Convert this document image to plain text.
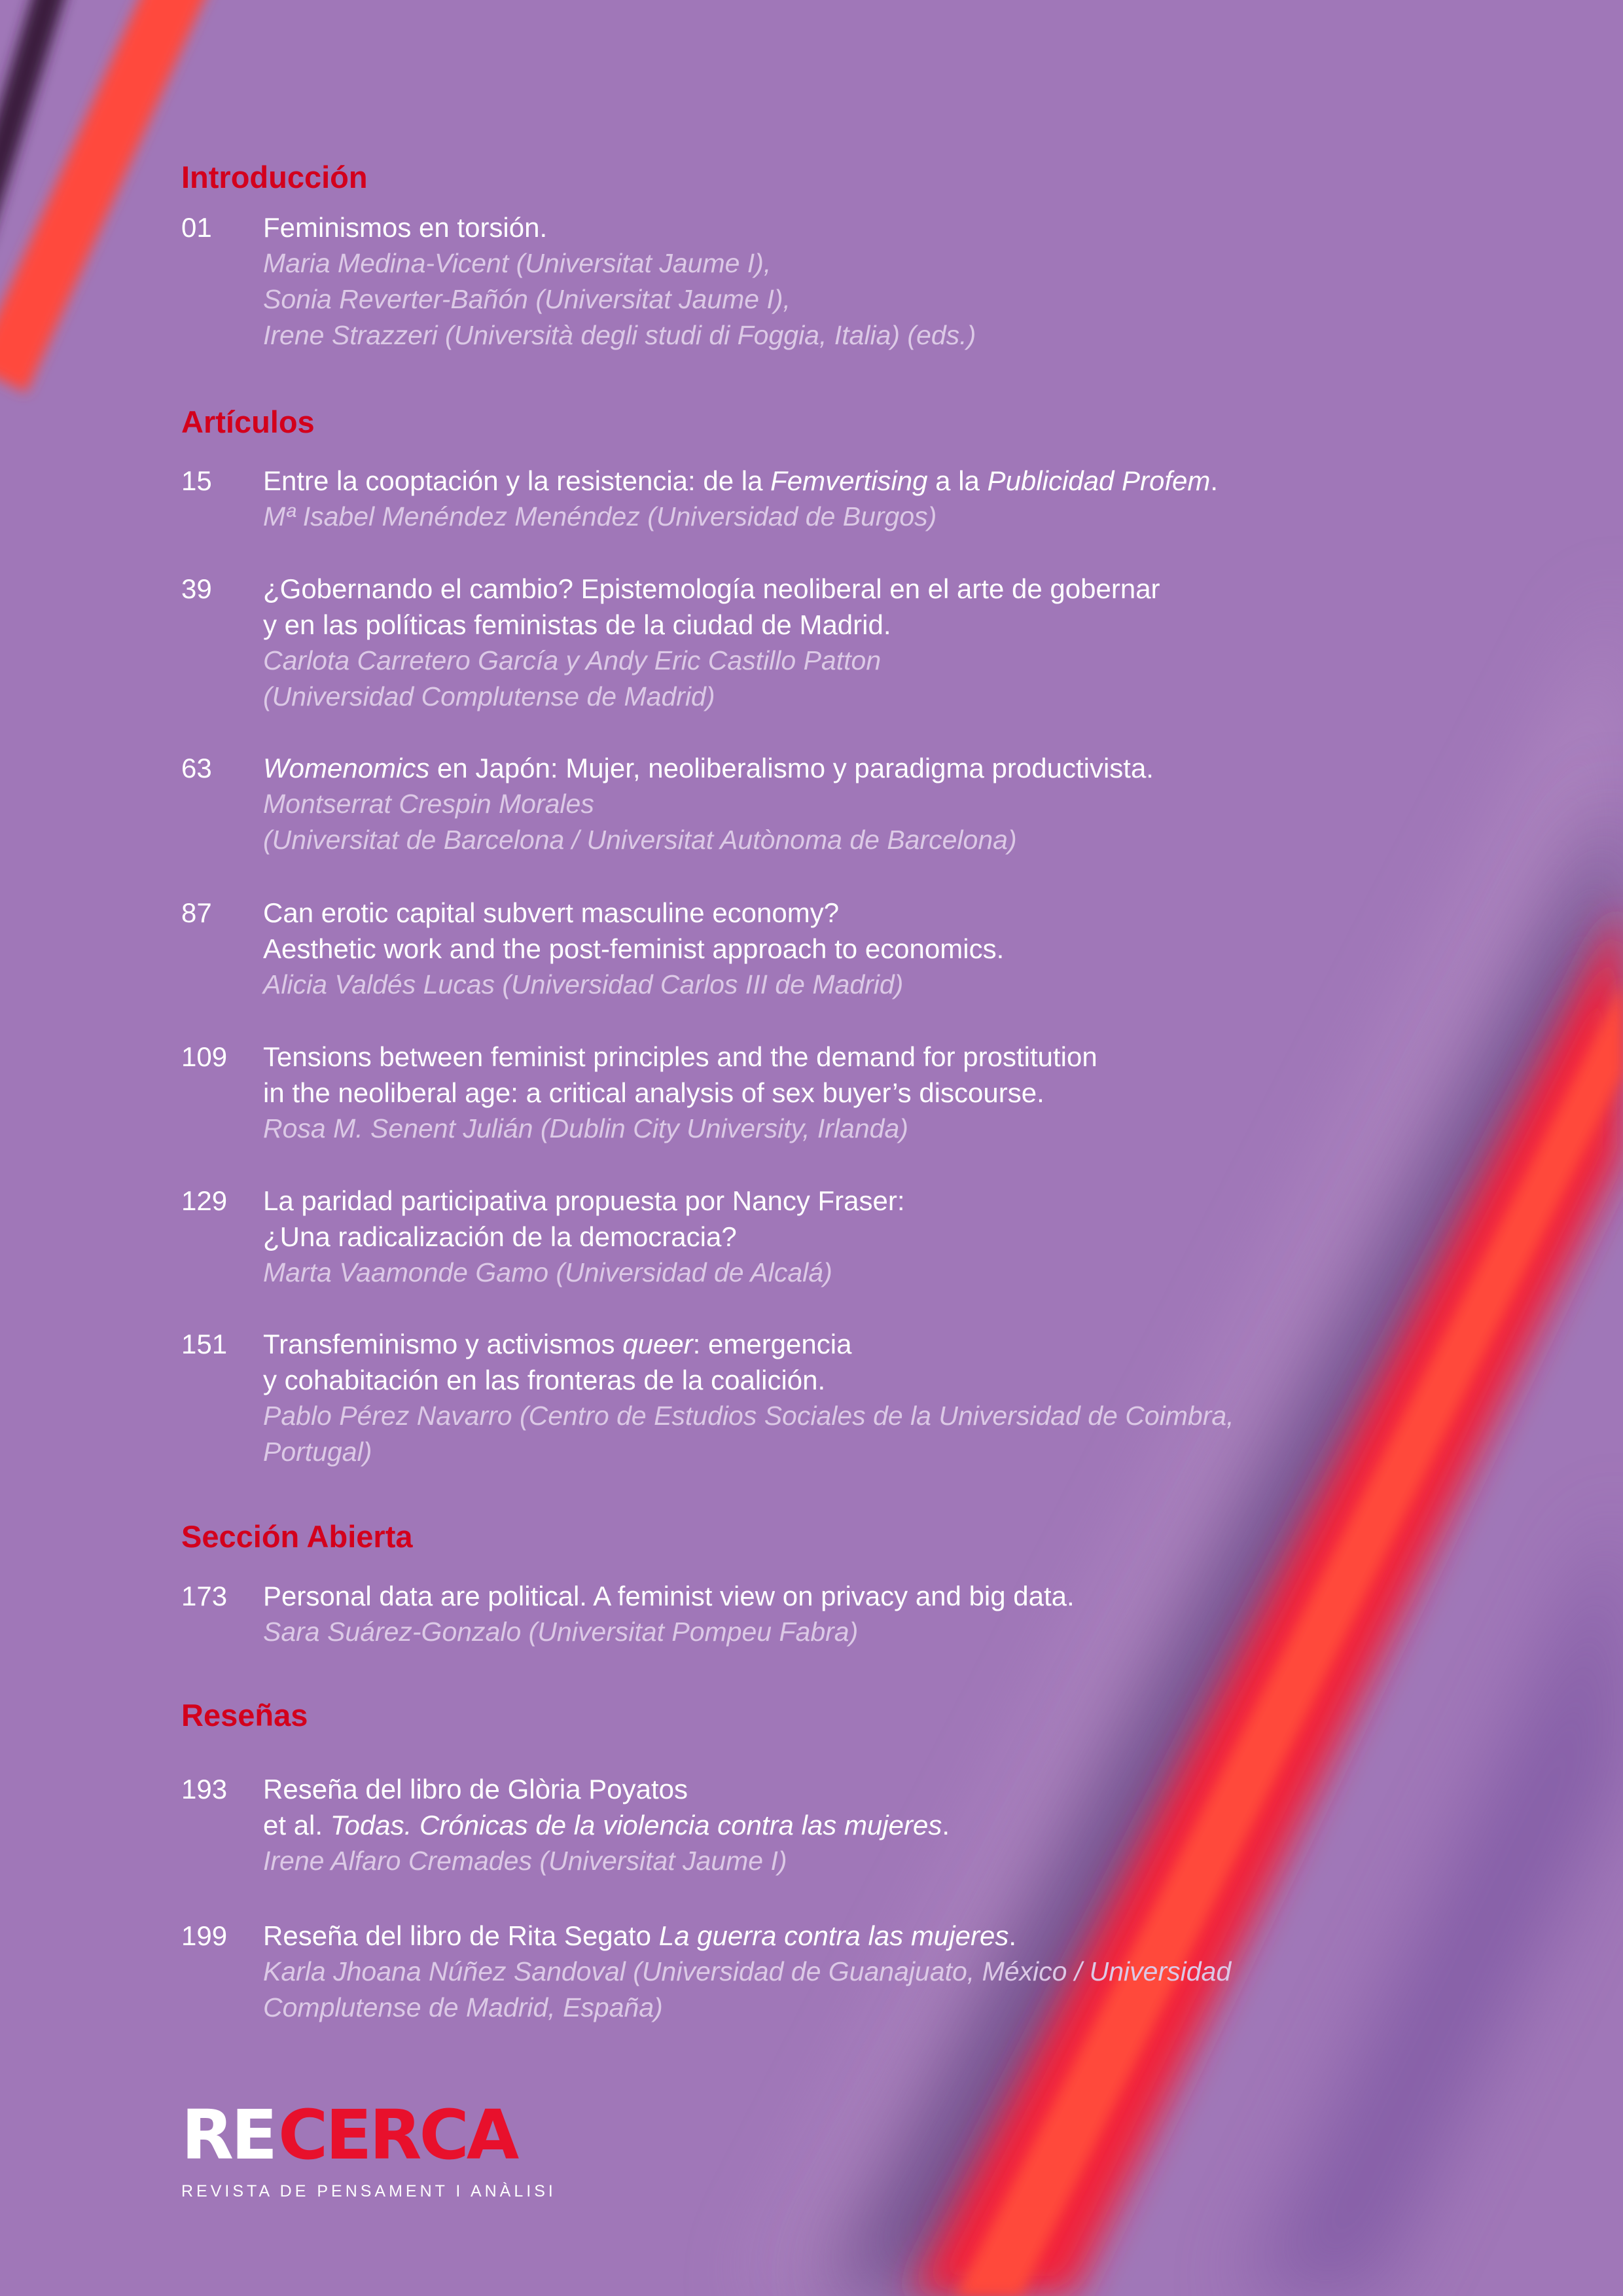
Introducción
01 Feminismos en torsión.

Maria Medina-Vicent (Universitat Jaume I),

Sonia Reverter-Bañón (Universitat Jaume I),

Irene Strazzeri (Università degli studi di Foggia, Italia) (eds.)

Artículos
15 Entre la cooptación y la resistencia: de la Femvertising a la Publicidad Profem.

Mª Isabel Menéndez Menéndez (Universidad de Burgos)

39 ¿Gobernando el cambio? Epistemología neoliberal en el arte de gobernar

y en las políticas feministas de la ciudad de Madrid.

Carlota Carretero García y Andy Eric Castillo Patton

(Universidad Complutense de Madrid)

63 Womenomics en Japón: Mujer, neoliberalismo y paradigma productivista.

Montserrat Crespin Morales

(Universitat de Barcelona / Universitat Autònoma de Barcelona)

87 Can erotic capital subvert masculine economy?

Aesthetic work and the post-feminist approach to economics.

Alicia Valdés Lucas (Universidad Carlos III de Madrid)

109 Tensions between feminist principles and the demand for prostitution

in the neoliberal age: a critical analysis of sex buyer’s discourse.

Rosa M. Senent Julián (Dublin City University, Irlanda)

129 La paridad participativa propuesta por Nancy Fraser:

¿Una radicalización de la democracia?

Marta Vaamonde Gamo (Universidad de Alcalá)

151 Transfeminismo y activismos queer: emergencia

y cohabitación en las fronteras de la coalición.

Pablo Pérez Navarro (Centro de Estudios Sociales de la Universidad de Coimbra,

Portugal)

Sección Abierta
173 Personal data are political. A feminist view on privacy and big data.

Sara Suárez-Gonzalo (Universitat Pompeu Fabra)

Reseñas
193 Reseña del libro de Glòria Poyatos

et al. Todas. Crónicas de la violencia contra las mujeres.

Irene Alfaro Cremades (Universitat Jaume I)

199 Reseña del libro de Rita Segato La guerra contra las mujeres.

Karla Jhoana Núñez Sandoval (Universidad de Guanajuato, México / Universidad

Complutense de Madrid, España)

RE CERCA
REVISTA DE PENSAMENT I ANÀLISI
